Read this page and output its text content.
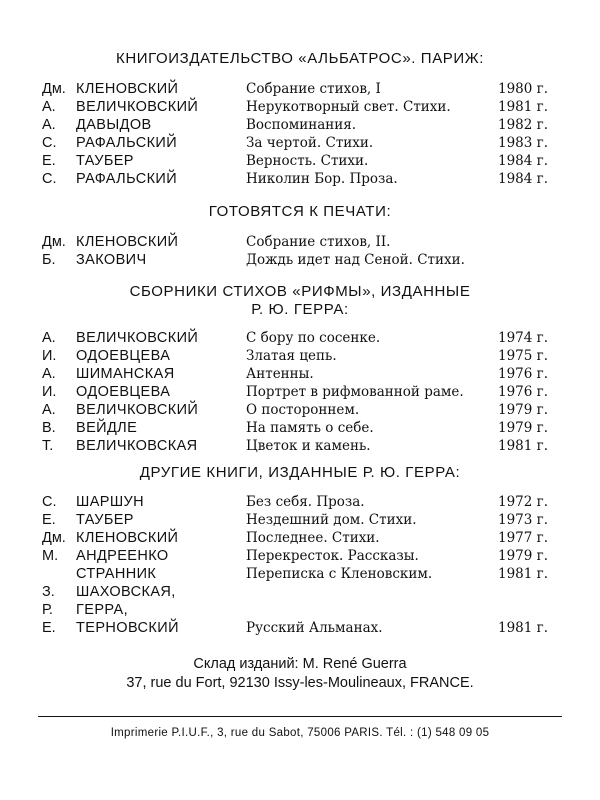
КНИГОИЗДАТЕЛЬСТВО «АЛЬБАТРОС». ПАРИЖ:
Дм. КЛЕНОВСКИЙ	Собрание стихов, I	1980 г.
А. ВЕЛИЧКОВСКИЙ	Нерукотворный свет. Стихи.	1981 г.
А. ДАВЫДОВ	Воспоминания.	1982 г.
С. РАФАЛЬСКИЙ	За чертой. Стихи.	1983 г.
Е. ТАУБЕР	Верность. Стихи.	1984 г.
С. РАФАЛЬСКИЙ	Николин Бор. Проза.	1984 г.
ГОТОВЯТСЯ К ПЕЧАТИ:
Дм. КЛЕНОВСКИЙ	Собрание стихов, II.
Б. ЗАКОВИЧ	Дождь идет над Сеной. Стихи.
СБОРНИКИ СТИХОВ «РИФМЫ», ИЗДАННЫЕ
Р. Ю. ГЕРРА:
А. ВЕЛИЧКОВСКИЙ	С бору по сосенке.	1974 г.
И. ОДОЕВЦЕВА	Златая цепь.	1975 г.
А. ШИМАНСКАЯ	Антенны.	1976 г.
И. ОДОЕВЦЕВА	Портрет в рифмованной раме.	1976 г.
А. ВЕЛИЧКОВСКИЙ	О постороннем.	1979 г.
В. ВЕЙДЛЕ	На память о себе.	1979 г.
Т. ВЕЛИЧКОВСКАЯ	Цветок и камень.	1981 г.
ДРУГИЕ КНИГИ, ИЗДАННЫЕ Р. Ю. ГЕРРА:
С. ШАРШУН	Без себя. Проза.	1972 г.
Е. ТАУБЕР	Нездешний дом. Стихи.	1973 г.
Дм. КЛЕНОВСКИЙ	Последнее. Стихи.	1977 г.
М. АНДРЕЕНКО	Перекресток. Рассказы.	1979 г.
СТРАННИК	Переписка с Кленовским.	1981 г.
З. ШАХОВСКАЯ,
Р. ГЕРРА,
Е. ТЕРНОВСКИЙ	Русский Альманах.	1981 г.
Склад изданий: M. René Guerra
37, rue du Fort, 92130 Issy-les-Moulineaux, FRANCE.
Imprimerie P.I.U.F., 3, rue du Sabot, 75006 PARIS. Tél. : (1) 548 09 05
